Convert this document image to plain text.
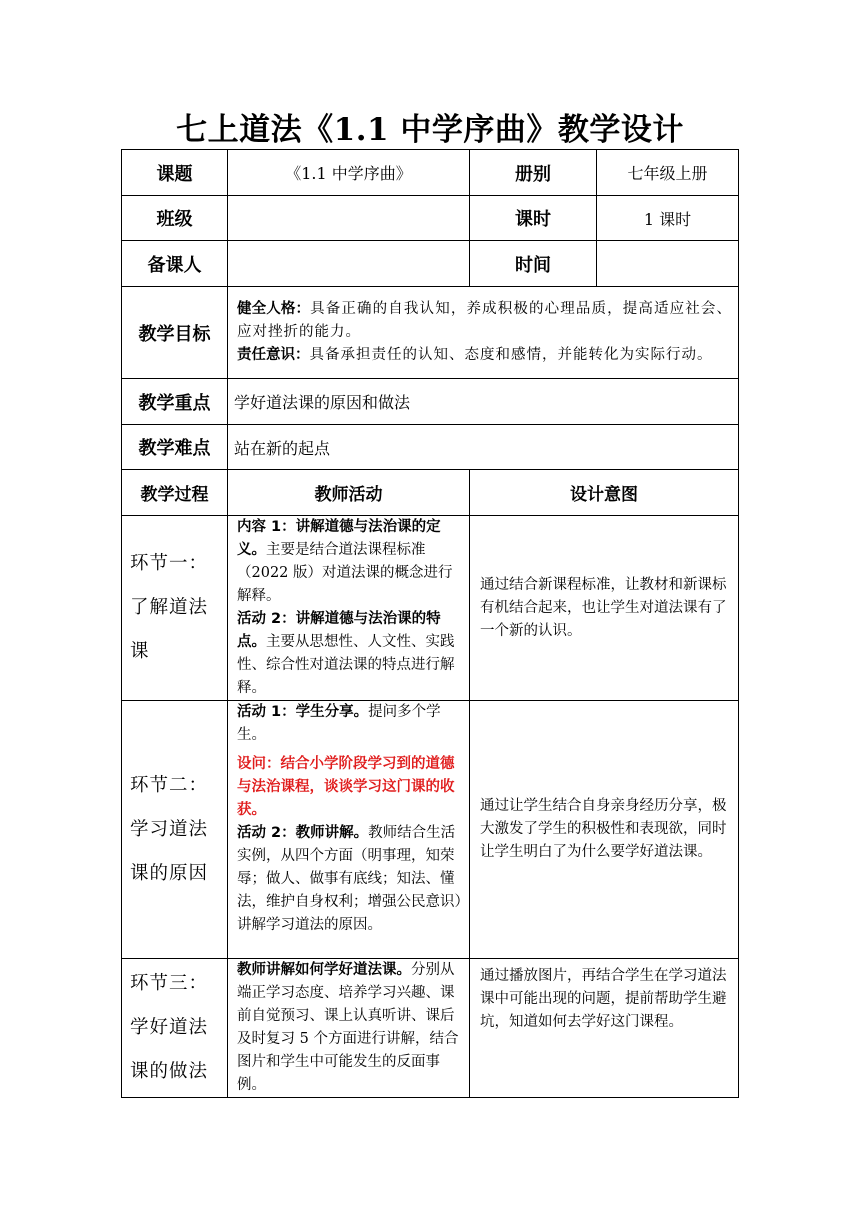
七上道法《1.1 中学序曲》教学设计
课题	《1.1 中学序曲》	册别	七年级上册
班级		课时	1 课时
备课人		时间	
教学目标	健全人格：具备正确的自我认知，养成积极的心理品质，提高适应社会、应对挫折的能力。
责任意识：具备承担责任的认知、态度和感情，并能转化为实际行动。		
教学重点	学好道法课的原因和做法		
教学难点	站在新的起点		
教学过程	教师活动	设计意图	
环节一：了解道法课	内容 1：讲解道德与法治课的定义。主要是结合道法课程标准（2022 版）对道法课的概念进行解释。

活动 2：讲解道德与法治课的特点。主要从思想性、人文性、实践性、综合性对道法课的特点进行解释。	通过结合新课程标准，让教材和新课标有机结合起来，也让学生对道法课有了一个新的认识。	
环节二：学习道法课的原因	活动 1：学生分享。提问多个学生。

设问：结合小学阶段学习到的道德与法治课程，谈谈学习这门课的收获。

活动 2：教师讲解。教师结合生活实例，从四个方面（明事理，知荣辱；做人、做事有底线；知法、懂法，维护自身权利；增强公民意识）讲解学习道法的原因。	通过让学生结合自身亲身经历分享，极大激发了学生的积极性和表现欲，同时让学生明白了为什么要学好道法课。	
环节三：学好道法课的做法	教师讲解如何学好道法课。分别从端正学习态度、培养学习兴趣、课前自觉预习、课上认真听讲、课后及时复习 5 个方面进行讲解，结合图片和学生中可能发生的反面事例。	通过播放图片，再结合学生在学习道法课中可能出现的问题，提前帮助学生避坑，知道如何去学好这门课程。	
